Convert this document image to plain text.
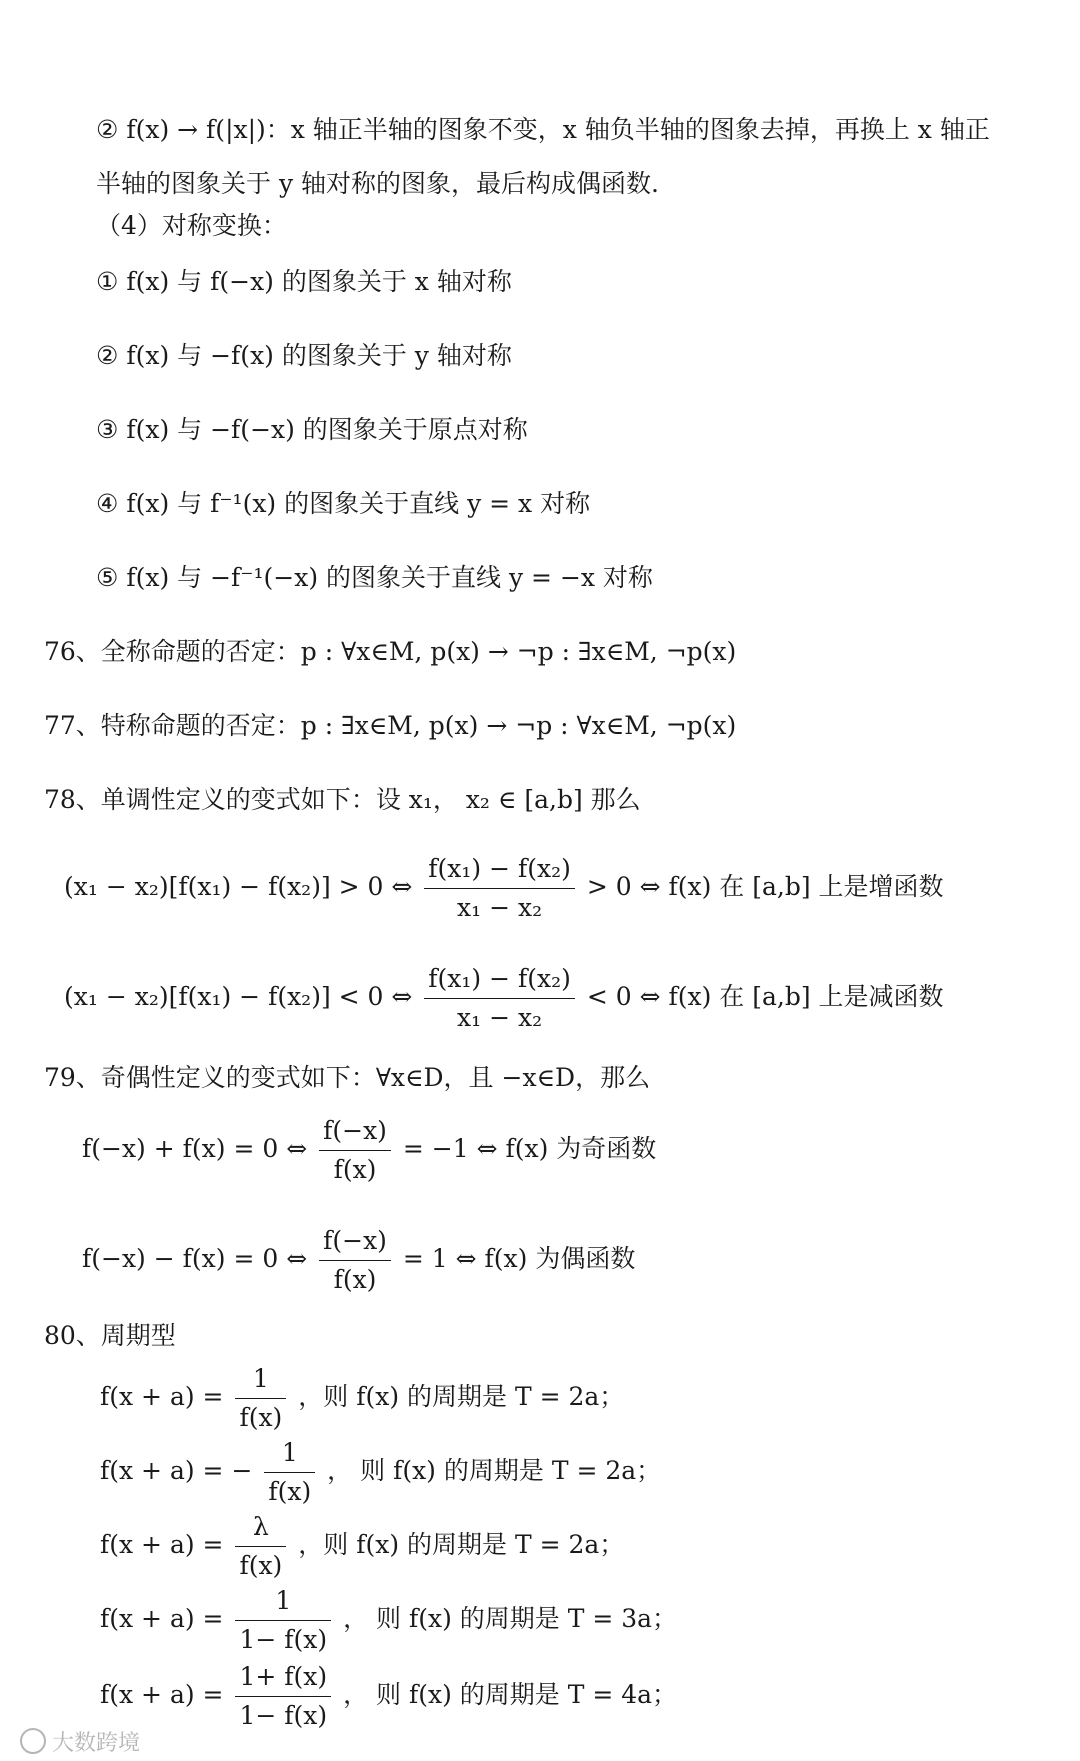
② f(x) → f(|x|)：x 轴正半轴的图象不变，x 轴负半轴的图象去掉，再换上 x 轴正
半轴的图象关于 y 轴对称的图象，最后构成偶函数.
（4）对称变换：
① f(x) 与 f(−x) 的图象关于 x 轴对称
② f(x) 与 −f(x) 的图象关于 y 轴对称
③ f(x) 与 −f(−x) 的图象关于原点对称
④ f(x) 与 f⁻¹(x) 的图象关于直线 y = x 对称
⑤ f(x) 与 −f⁻¹(−x) 的图象关于直线 y = −x 对称
76、全称命题的否定：p : ∀x∈M, p(x) → ¬p : ∃x∈M, ¬p(x)
77、特称命题的否定：p : ∃x∈M, p(x) → ¬p : ∀x∈M, ¬p(x)
78、单调性定义的变式如下：设 x₁， x₂ ∈ [a,b] 那么
(x₁ − x₂)[f(x₁) − f(x₂)] > 0 ⇔ $\frac{\text{f(x₁) − f(x₂)}}{\text{x₁ − x₂}} > 0$ ⇔ f(x) 在 [a,b] 上是增函数
(x₁ − x₂)[f(x₁) − f(x₂)] < 0 ⇔ $\frac{\text{f(x₁) − f(x₂)}}{\text{x₁ − x₂}} < 0$ ⇔ f(x) 在 [a,b] 上是减函数
79、奇偶性定义的变式如下：∀x∈D，且 −x∈D，那么
f(−x) + f(x) = 0 ⇔ $\frac{f(-x)}{f(x)} = -1$ ⇔ f(x) 为奇函数
f(−x) − f(x) = 0 ⇔ $\frac{f(-x)}{f(x)} = 1$ ⇔ f(x) 为偶函数
80、周期型
$f(x + a) = \frac{1}{f(x)}$ ，则 f(x) 的周期是 T = 2a；
f(x + a) = − $\frac{1}{f(x)}$ ， 则 f(x) 的周期是 T = 2a；
$f(x + a) = \frac{\lambda}{f(x)}$ ，则 f(x) 的周期是 T = 2a；
$f(x + a) = \frac{1}{1- f(x)}$ ， 则 f(x) 的周期是 T = 3a；
$f(x + a) = \frac{1+ f(x)}{1- f(x)}$ ， 则 f(x) 的周期是 T = 4a；
大数跨境
